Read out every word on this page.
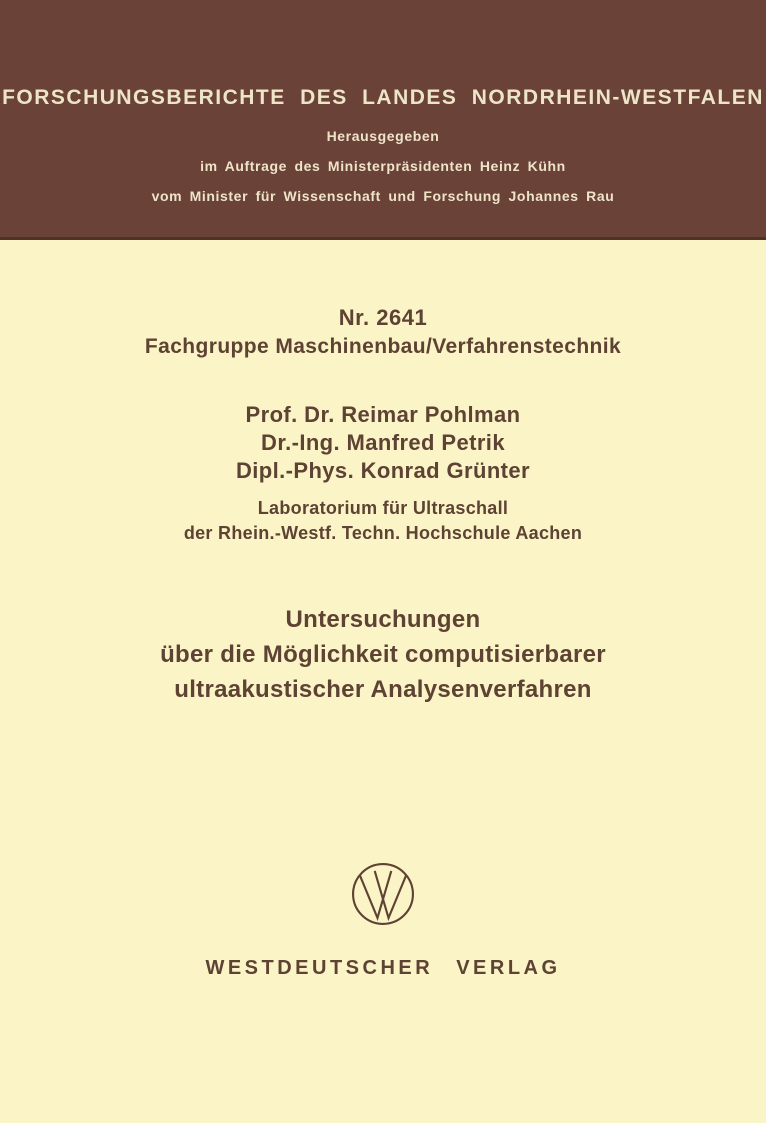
FORSCHUNGSBERICHTE DES LANDES NORDRHEIN-WESTFALEN
Herausgegeben
im Auftrage des Ministerpräsidenten Heinz Kühn
vom Minister für Wissenschaft und Forschung Johannes Rau
Nr. 2641
Fachgruppe Maschinenbau/Verfahrenstechnik
Prof. Dr. Reimar Pohlman
Dr.-Ing. Manfred Petrik
Dipl.-Phys. Konrad Grünter
Laboratorium für Ultraschall
der Rhein.-Westf. Techn. Hochschule Aachen
Untersuchungen
über die Möglichkeit computisierbarer
ultraakustischer Analysenverfahren
WESTDEUTSCHER VERLAG
